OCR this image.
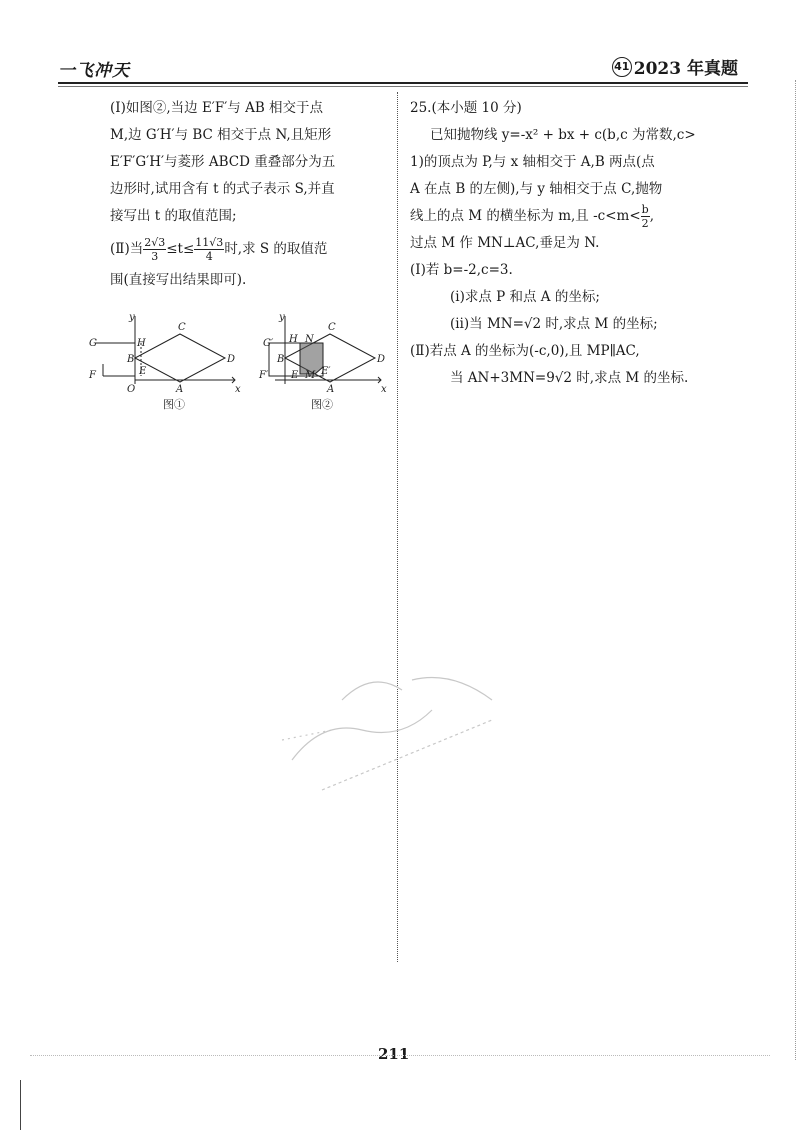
一飞冲天	41 2023 年真题

(Ⅰ)如图②,当边 E′F′与 AB 相交于点

M,边 G′H′与 BC 相交于点 N,且矩形

E′F′G′H′与菱形 ABCD 重叠部分为五

边形时,试用含有 t 的式子表示 S,并直

接写出 t 的取值范围;

(Ⅱ)当 $\frac{2√3}{3} \le t\le \frac{11√3}{4}$ 时,求 S 的取值范

围(直接写出结果即可).

G	H
B
E
F
O	A
C
D
y
x
G′ H N
B
F′ E M E′
A
C
D
y
x
图①	图②

25.(本小题 10 分)

已知抛物线 y=-x² + bx + c(b,c 为常数,c>

1)的顶点为 P,与 x 轴相交于 A,B 两点(点

A 在点 B 的左侧),与 y 轴相交于点 C,抛物

线上的点 M 的横坐标为 m,且 $-c<m< \frac{b}{2}$ ,

过点 M 作 MN⊥AC,垂足为 N.

(Ⅰ)若 b=-2,c=3.

(ⅰ)求点 P 和点 A 的坐标;

(ⅱ)当 MN=√2 时,求点 M 的坐标;

(Ⅱ)若点 A 的坐标为(-c,0),且 MP∥AC,

当 AN+3MN=9√2 时,求点 M 的坐标.

211
